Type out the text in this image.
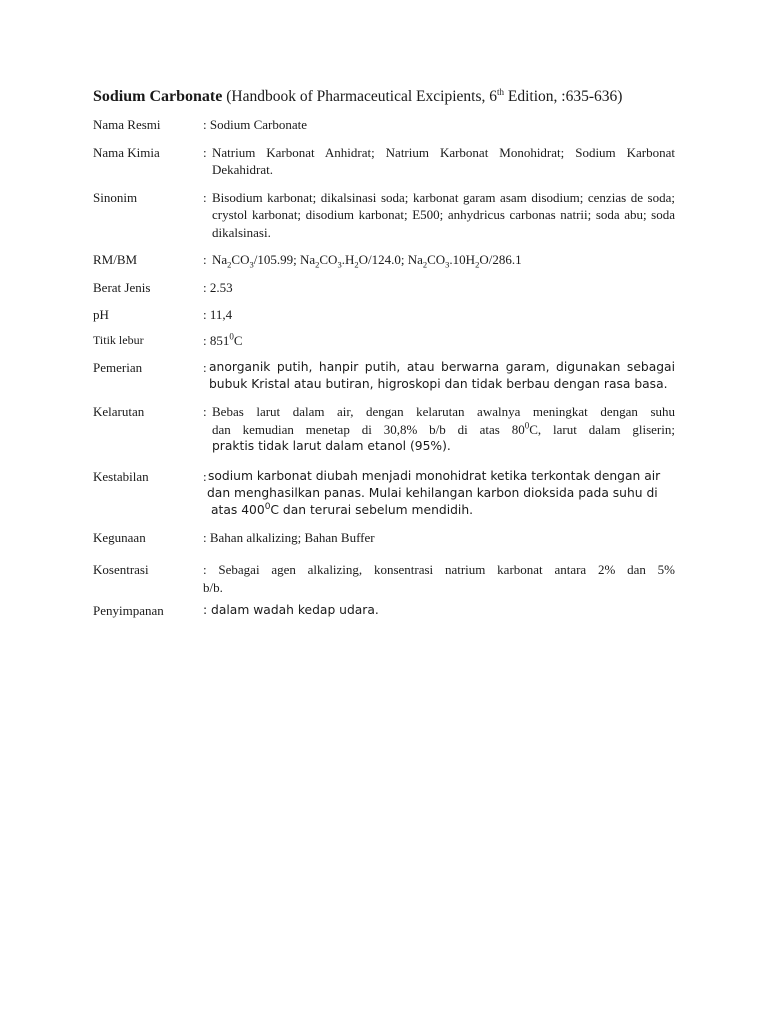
Sodium Carbonate (Handbook of Pharmaceutical Excipients, 6th Edition, :635-636)
Nama Resmi	: Sodium Carbonate
Nama Kimia	: Natrium Karbonat Anhidrat; Natrium Karbonat Monohidrat; Sodium Karbonat Dekahidrat.
Sinonim	: Bisodium karbonat; dikalsinasi soda; karbonat garam asam disodium; cenzias de soda; crystol karbonat; disodium karbonat; E500; anhydricus carbonas natrii; soda abu; soda dikalsinasi.
RM/BM	: $Na_2CO_3/105.99$; $Na_2CO_3.H_2O/124.0$; $Na_2CO_3.10H_2O/286.1$
Berat Jenis	: 2.53
pH	: 11,4
Titik lebur	: $851^0C$
Pemerian	: anorganik putih, hanpir putih, atau berwarna garam, digunakan sebagai
bubuk Kristal atau butiran, higroskopi dan tidak berbau dengan rasa basa.
Kelarutan	: Bebas larut dalam air, dengan kelarutan awalnya meningkat dengan suhu
dan kemudian menetap di 30,8% b/b di atas $80^0C$, larut dalam gliserin;
praktis tidak larut dalam etanol (95%).
Kestabilan	: sodium karbonat diubah menjadi monohidrat ketika terkontak dengan air
dan menghasilkan panas. Mulai kehilangan karbon dioksida pada suhu di
atas $400^0C$ dan terurai sebelum mendidih.
Kegunaan	: Bahan alkalizing; Bahan Buffer
Kosentrasi	: Sebagai agen alkalizing, konsentrasi natrium karbonat antara 2% dan 5%
b/b.
Penyimpanan	: dalam wadah kedap udara.
